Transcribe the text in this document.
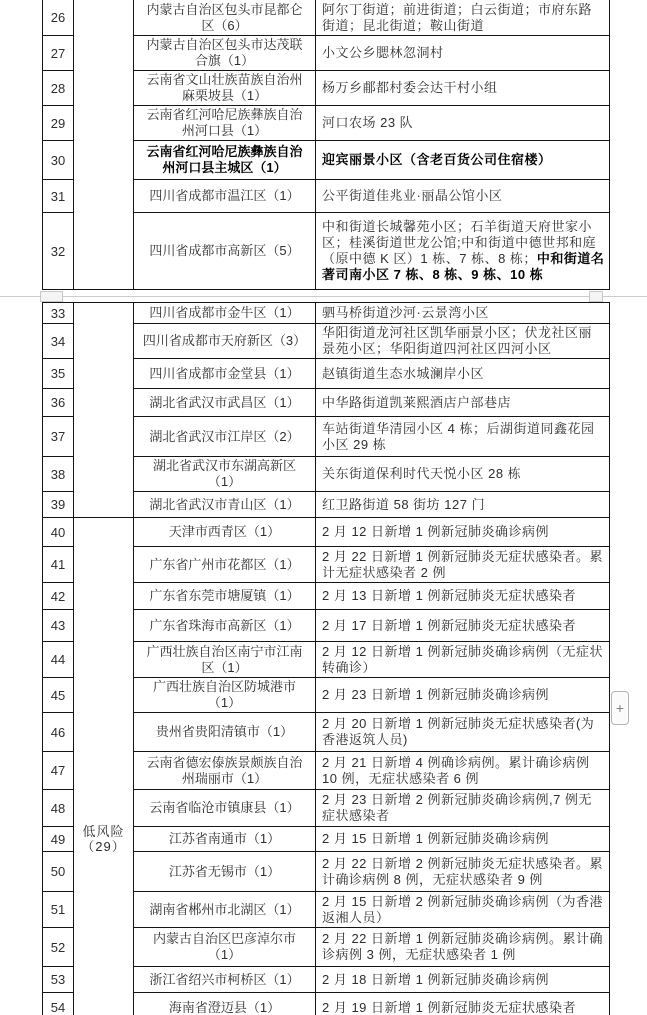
26		内蒙古自治区包头市昆都仑区（6）	阿尔丁街道；前进街道；白云街道；市府东路街道；昆北街道；鞍山街道
27		内蒙古自治区包头市达茂联合旗（1）	小文公乡腮林忽洞村
28		云南省文山壮族苗族自治州麻栗坡县（1）	杨万乡郙都村委会达干村小组
29		云南省红河哈尼族彝族自治州河口县（1）	河口农场 23 队
30		云南省红河哈尼族彝族自治州河口县主城区（1）	迎宾丽景小区（含老百货公司住宿楼）
31		四川省成都市温江区（1）	公平街道佳兆业·丽晶公馆小区
32		四川省成都市高新区（5）	中和街道长城馨苑小区；石羊街道天府世家小区；桂溪街道世龙公馆;中和街道中德世邦和庭（原中德 K 区）1 栋、7 栋、8 栋；中和街道名著司南小区 7 栋、8 栋、9 栋、10 栋
33		四川省成都市金牛区（1）	驷马桥街道沙河·云景湾小区
34		四川省成都市天府新区（3）	华阳街道龙河社区凯华丽景小区；伏龙社区丽景苑小区；华阳街道四河社区四河小区
35		四川省成都市金堂县（1）	赵镇街道生态水城澜岸小区
36		湖北省武汉市武昌区（1）	中华路街道凯莱熙酒店户部巷店
37		湖北省武汉市江岸区（2）	车站街道华清园小区 4 栋；后湖街道同鑫花园小区 29 栋
38		湖北省武汉市东湖高新区（1）	关东街道保利时代天悦小区 28 栋
39		湖北省武汉市青山区（1）	红卫路街道 58 街坊 127 门
40	低风险（29）	天津市西青区（1）	2 月 12 日新增 1 例新冠肺炎确诊病例
41		广东省广州市花都区（1）	2 月 22 日新增 1 例新冠肺炎无症状感染者。累计无症状感染者 2 例
42		广东省东莞市塘厦镇（1）	2 月 13 日新增 1 例新冠肺炎无症状感染者
43		广东省珠海市高新区（1）	2 月 17 日新增 1 例新冠肺炎无症状感染者
44		广西壮族自治区南宁市江南区（1）	2 月 12 日新增 1 例新冠肺炎确诊病例（无症状转确诊）
45		广西壮族自治区防城港市（1）	2 月 23 日新增 1 例新冠肺炎确诊病例
46		贵州省贵阳清镇市（1）	2 月 20 日新增 1 例新冠肺炎无症状感染者(为香港返筑人员)
47		云南省德宏傣族景颇族自治州瑞丽市（1）	2 月 21 日新增 4 例确诊病例。累计确诊病例 10 例，无症状感染者 6 例
48		云南省临沧市镇康县（1）	2 月 23 日新增 2 例新冠肺炎确诊病例,7 例无症状感染者
49		江苏省南通市（1）	2 月 15 日新增 1 例新冠肺炎确诊病例
50		江苏省无锡市（1）	2 月 22 日新增 2 例新冠肺炎无症状感染者。累计确诊病例 8 例，无症状感染者 9 例
51		湖南省郴州市北湖区（1）	2 月 15 日新增 2 例新冠肺炎确诊病例（为香港返湘人员）
52		内蒙古自治区巴彦淖尔市（1）	2 月 22 日新增 1 例新冠肺炎确诊病例。累计确诊病例 3 例，无症状感染者 1 例
53		浙江省绍兴市柯桥区（1）	2 月 18 日新增 1 例新冠肺炎确诊病例
54		海南省澄迈县（1）	2 月 19 日新增 1 例新冠肺炎无症状感染者
+
